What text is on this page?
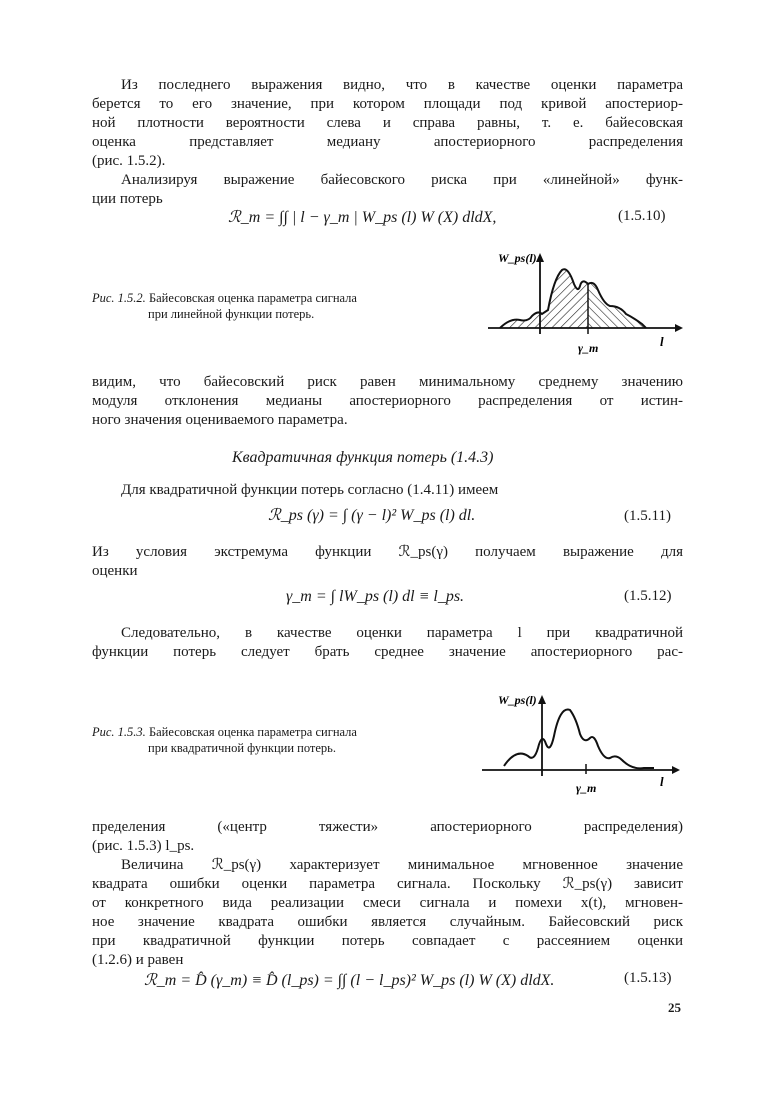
Из последнего выражения видно, что в качестве оценки параметра
берется то его значение, при котором площади под кривой апостериор-
ной плотности вероятности слева и справа равны, т. е. байесовская
оценка представляет медиану апостериорного распределения
(рис. 1.5.2).
Анализируя выражение байесовского риска при «линейной» функ-
ции потерь
ℛ_m = ∫∫ | l − γ_m | W_ps (l) W (X) dldX,	(1.5.10)
Рис. 1.5.2. Байесовская оценка параметра сигнала
при линейной функции потерь.
W_ps(l)
l
γ_m
видим, что байесовский риск равен минимальному среднему значению
модуля отклонения медианы апостериорного распределения от истин-
ного значения оцениваемого параметра.
Квадратичная функция потерь (1.4.3)
Для квадратичной функции потерь согласно (1.4.11) имеем
ℛ_ps (γ) = ∫ (γ − l)² W_ps (l) dl.	(1.5.11)
Из условия экстремума функции ℛ_ps(γ) получаем выражение для
оценки
γ_m = ∫ lW_ps (l) dl ≡ l_ps.	(1.5.12)
Следовательно, в качестве оценки параметра l при квадратичной
функции потерь следует брать среднее значение апостериорного рас-
Рис. 1.5.3. Байесовская оценка параметра сигнала
при квадратичной функции потерь.
W_ps(l)
l
γ_m
пределения («центр тяжести» апостериорного распределения)
(рис. 1.5.3) l_ps.
Величина ℛ_ps(γ) характеризует минимальное мгновенное значение
квадрата ошибки оценки параметра сигнала. Поскольку ℛ_ps(γ) зависит
от конкретного вида реализации смеси сигнала и помехи x(t), мгновен-
ное значение квадрата ошибки является случайным. Байесовский риск
при квадратичной функции потерь совпадает с рассеянием оценки
(1.2.6) и равен
ℛ_m = D̂ (γ_m) ≡ D̂ (l_ps) = ∫∫ (l − l_ps)² W_ps (l) W (X) dldX.	(1.5.13)
25
